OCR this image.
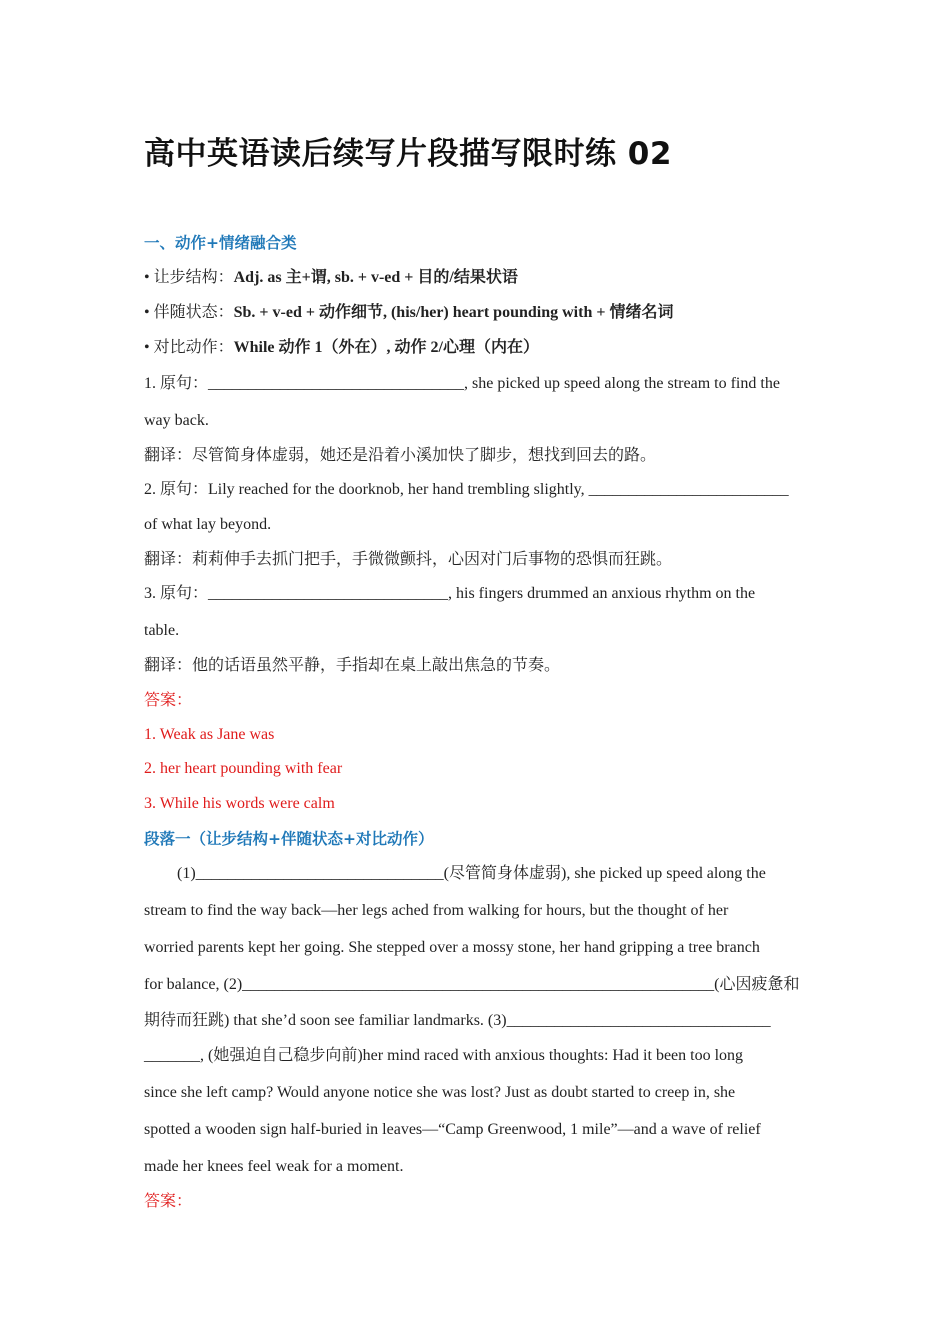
高中英语读后续写片段描写限时练 02
一、动作+情绪融合类
• 让步结构：Adj. as 主+谓, sb. + v-ed + 目的/结果状语
• 伴随状态：Sb. + v-ed + 动作细节, (his/her) heart pounding with + 情绪名词
• 对比动作：While 动作 1（外在）, 动作 2/心理（内在）
1. 原句：________________________________, she picked up speed along the stream to find the
way back.
翻译：尽管简身体虚弱，她还是沿着小溪加快了脚步，想找到回去的路。
2. 原句：Lily reached for the doorknob, her hand trembling slightly, _________________________
of what lay beyond.
翻译：莉莉伸手去抓门把手，手微微颤抖，心因对门后事物的恐惧而狂跳。
3. 原句：______________________________, his fingers drummed an anxious rhythm on the
table.
翻译：他的话语虽然平静，手指却在桌上敲出焦急的节奏。
答案：
1. Weak as Jane was
2. her heart pounding with fear
3. While his words were calm
段落一（让步结构+伴随状态+对比动作）
(1)_______________________________(尽管简身体虚弱), she picked up speed along the
stream to find the way back—her legs ached from walking for hours, but the thought of her
worried parents kept her going. She stepped over a mossy stone, her hand gripping a tree branch
for balance, (2)___________________________________________________________(心因疲惫和
期待而狂跳) that she’d soon see familiar landmarks. (3)_________________________________
_______, (她强迫自己稳步向前)her mind raced with anxious thoughts: Had it been too long
since she left camp? Would anyone notice she was lost? Just as doubt started to creep in, she
spotted a wooden sign half-buried in leaves—“Camp Greenwood, 1 mile”—and a wave of relief
made her knees feel weak for a moment.
答案：
